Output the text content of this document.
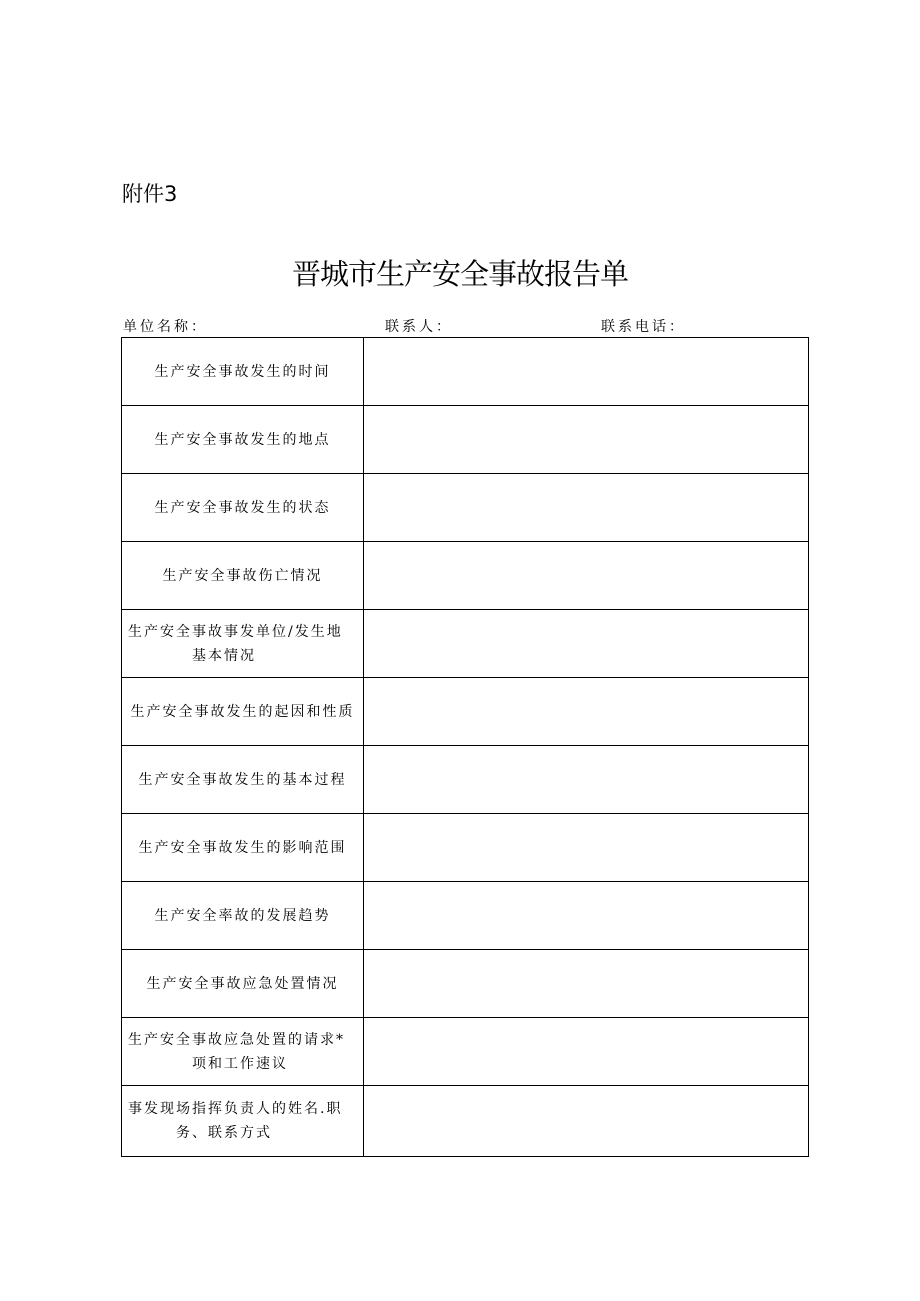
附件3
晋城市生产安全事故报告单
单位名称：	联系人：	联系电话：
生产安全事故发生的时间	
生产安全事故发生的地点	
生产安全事故发生的状态	
生产安全事故伤亡情况	
生产安全事故事发单位/发生地
基本情况	

生产安全事故发生的起因和性质	
生产安全事故发生的基本过程	
生产安全事故发生的影响范围	
生产安全率故的发展趋势	
生产安全事故应急处置情况	
生产安全事故应急处置的请求*
项和工作速议	

事发现场指挥负责人的姓名.职
务、联系方式	
